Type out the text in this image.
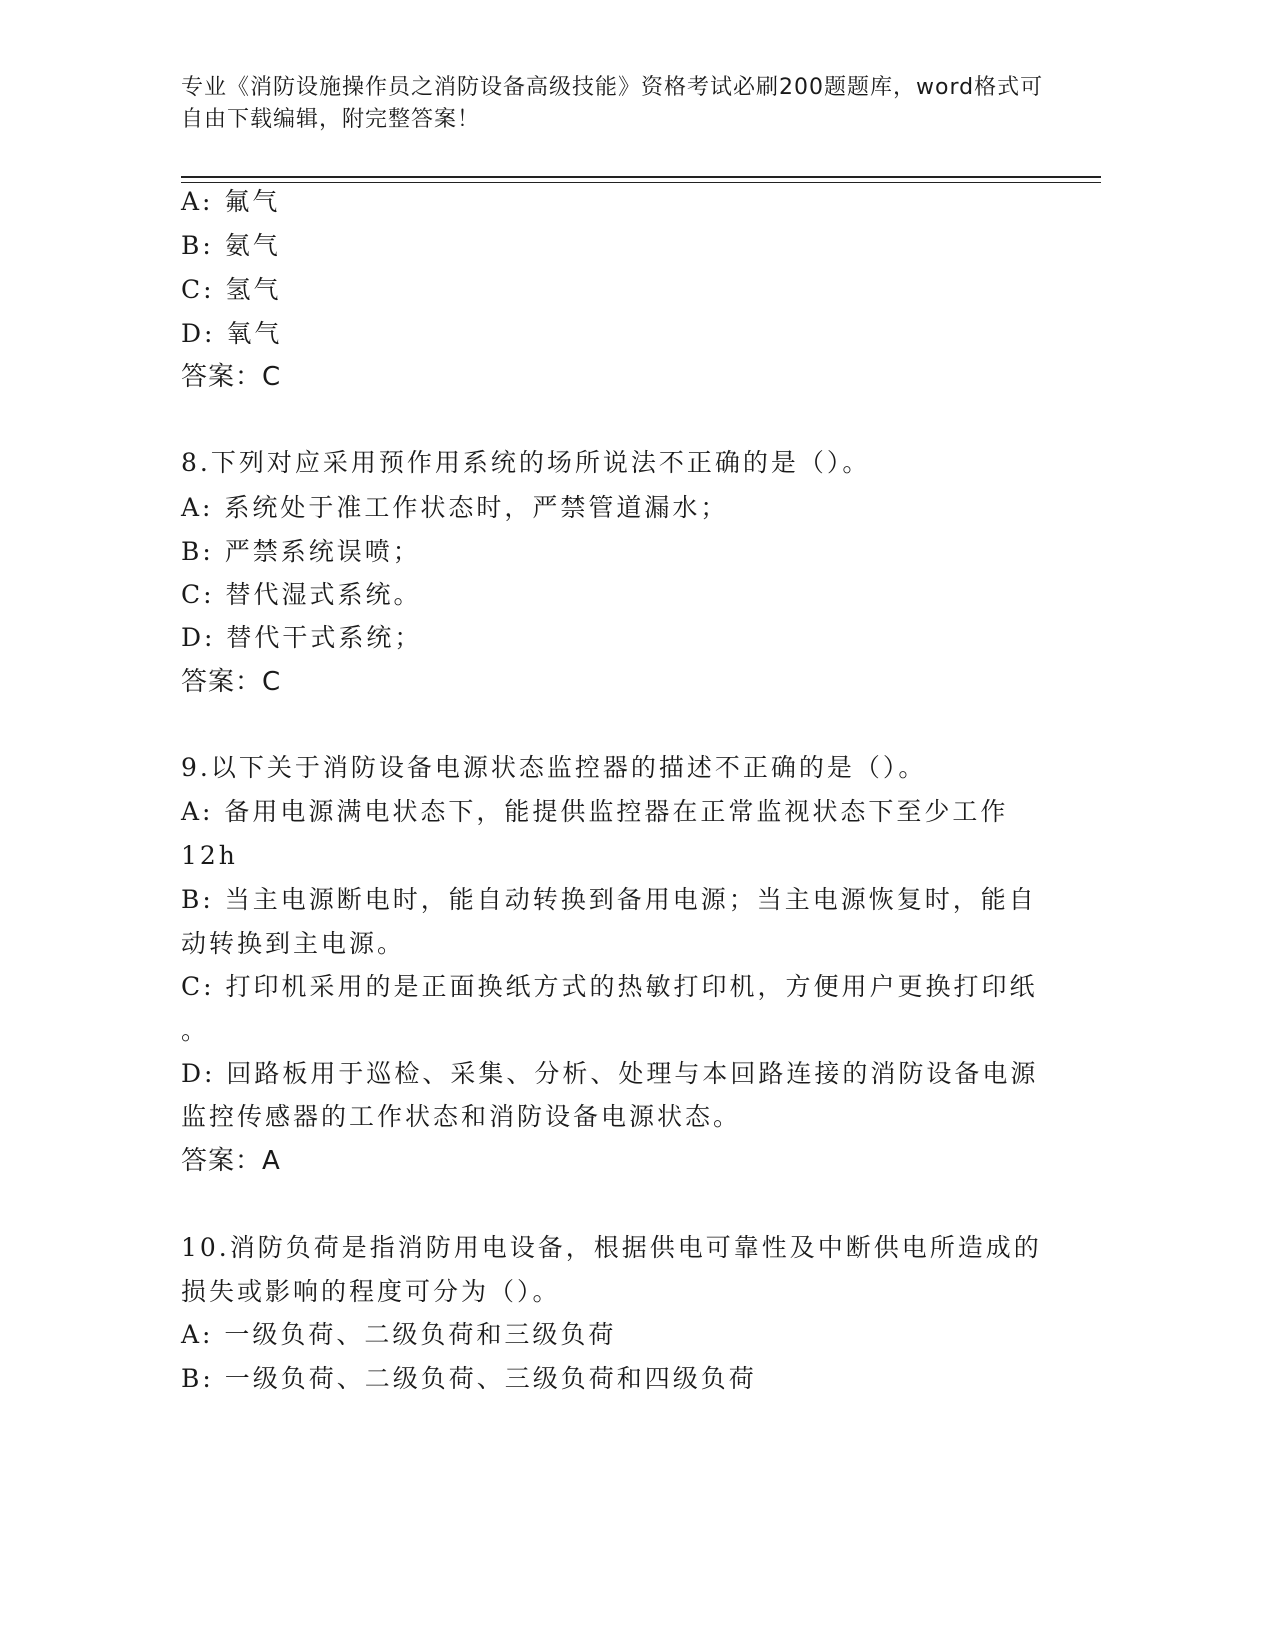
专业《消防设施操作员之消防设备高级技能》资格考试必刷200题题库，word格式可自由下载编辑，附完整答案！
A: 氟气
B: 氨气
C: 氢气
D: 氧气
答案：C
8.下列对应采用预作用系统的场所说法不正确的是（）。
A: 系统处于准工作状态时，严禁管道漏水；
B: 严禁系统误喷；
C: 替代湿式系统。
D: 替代干式系统；
答案：C
9.以下关于消防设备电源状态监控器的描述不正确的是（）。
A: 备用电源满电状态下，能提供监控器在正常监视状态下至少工作
12h
B: 当主电源断电时，能自动转换到备用电源；当主电源恢复时，能自
动转换到主电源。
C: 打印机采用的是正面换纸方式的热敏打印机，方便用户更换打印纸
。
D: 回路板用于巡检、采集、分析、处理与本回路连接的消防设备电源
监控传感器的工作状态和消防设备电源状态。
答案：A
10.消防负荷是指消防用电设备，根据供电可靠性及中断供电所造成的
损失或影响的程度可分为（）。
A: 一级负荷、二级负荷和三级负荷
B: 一级负荷、二级负荷、三级负荷和四级负荷
